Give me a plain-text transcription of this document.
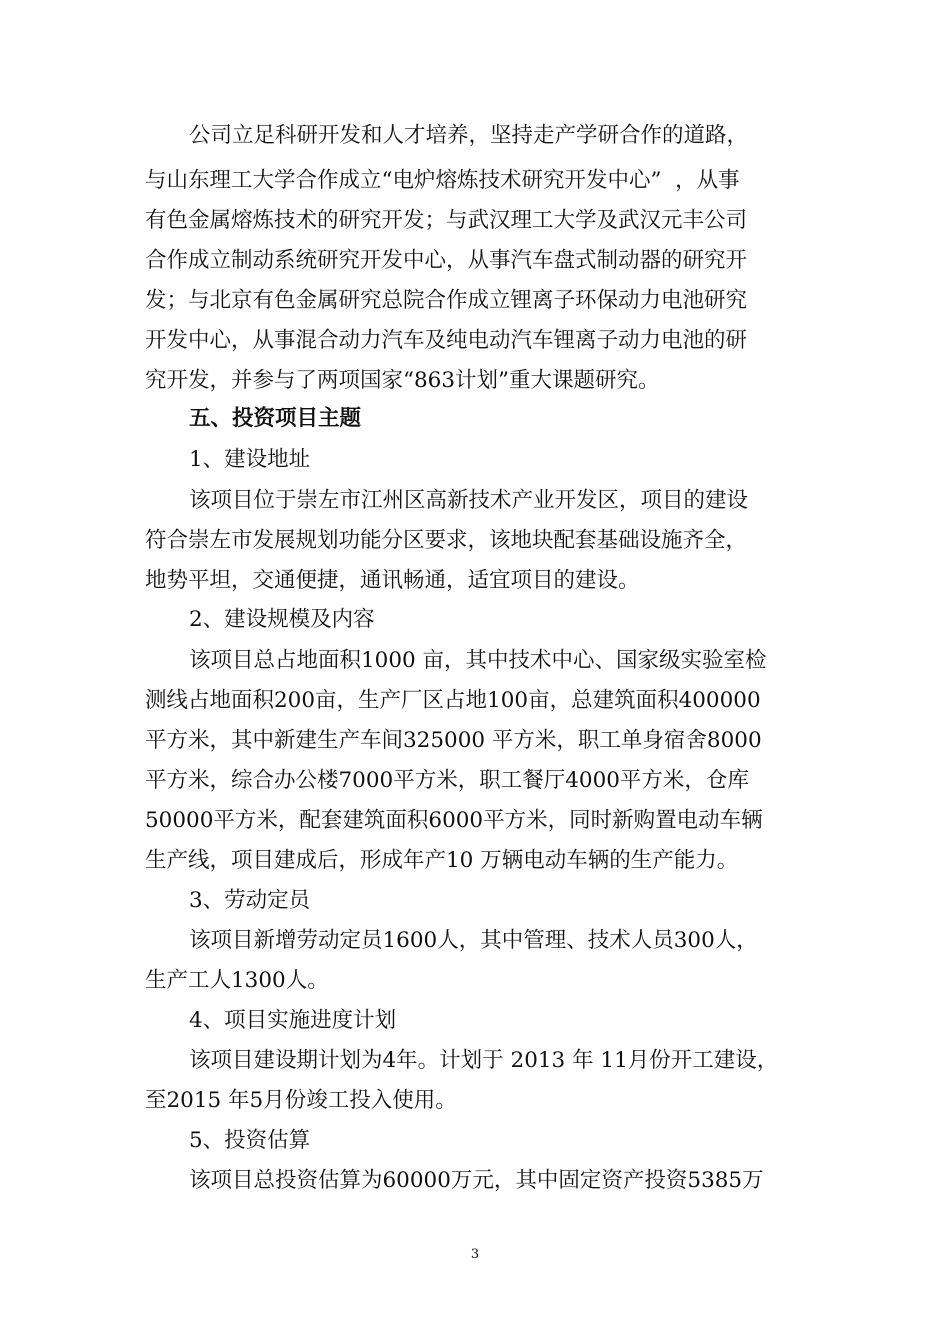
公司立足科研开发和人才培养，坚持走产学研合作的道路，
与山东理工大学合作成立“电炉熔炼技术研究开发中心”  ，从事
有色金属熔炼技术的研究开发；与武汉理工大学及武汉元丰公司
合作成立制动系统研究开发中心，从事汽车盘式制动器的研究开
发；与北京有色金属研究总院合作成立锂离子环保动力电池研究
开发中心，从事混合动力汽车及纯电动汽车锂离子动力电池的研
究开发，并参与了两项国家“863计划”重大课题研究。
五、投资项目主题
1、建设地址
该项目位于崇左市江州区高新技术产业开发区，项目的建设
符合崇左市发展规划功能分区要求，该地块配套基础设施齐全，
地势平坦，交通便捷，通讯畅通，适宜项目的建设。
2、建设规模及内容
该项目总占地面积1000 亩，其中技术中心、国家级实验室检
测线占地面积200亩，生产厂区占地100亩，总建筑面积400000
平方米，其中新建生产车间325000 平方米，职工单身宿舍8000
平方米，综合办公楼7000平方米，职工餐厅4000平方米，仓库
50000平方米，配套建筑面积6000平方米，同时新购置电动车辆
生产线，项目建成后，形成年产10 万辆电动车辆的生产能力。
3、劳动定员
该项目新增劳动定员1600人，其中管理、技术人员300人，
生产工人1300人。
4、项目实施进度计划
该项目建设期计划为4年。计划于 2013 年 11月份开工建设，
至2015 年5月份竣工投入使用。
5、投资估算
该项目总投资估算为60000万元，其中固定资产投资5385万
3
